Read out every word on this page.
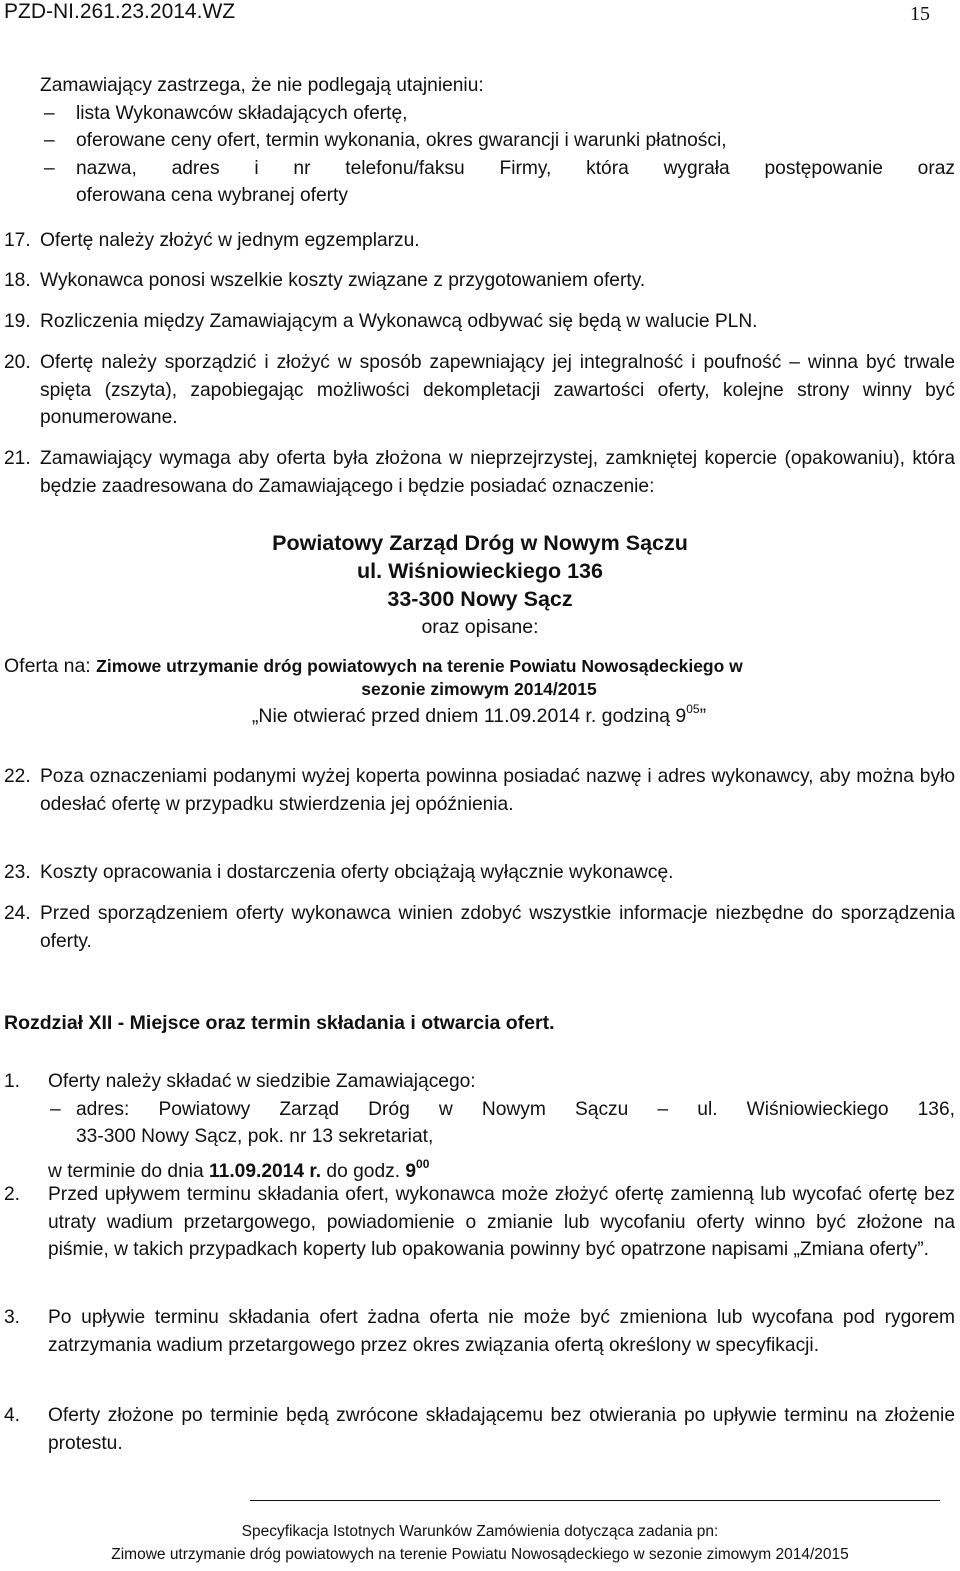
PZD-NI.261.23.2014.WZ	15
Zamawiający zastrzega, że nie podlegają utajnieniu:
– lista Wykonawców składających ofertę,
– oferowane ceny ofert, termin wykonania, okres gwarancji i warunki płatności,
– nazwa, adres i nr telefonu/faksu Firmy, która wygrała postępowanie oraz
oferowana cena wybranej oferty
17. Ofertę należy złożyć w jednym egzemplarzu.
18. Wykonawca ponosi wszelkie koszty związane z przygotowaniem oferty.
19. Rozliczenia między Zamawiającym a Wykonawcą odbywać się będą w walucie PLN.
20. Ofertę należy sporządzić i złożyć w sposób zapewniający jej integralność i poufność – winna być trwale spięta (zszyta), zapobiegając możliwości dekompletacji zawartości oferty, kolejne strony winny być ponumerowane.
21. Zamawiający wymaga aby oferta była złożona w nieprzejrzystej, zamkniętej kopercie (opakowaniu), która będzie zaadresowana do Zamawiającego i będzie posiadać oznaczenie:
Powiatowy Zarząd Dróg w Nowym Sączu
ul. Wiśniowieckiego 136
33-300 Nowy Sącz
oraz opisane:
Oferta na: Zimowe utrzymanie dróg powiatowych na terenie Powiatu Nowosądeckiego w
sezonie zimowym 2014/2015
„Nie otwierać przed dniem 11.09.2014 r. godziną $9^{05}$”
22. Poza oznaczeniami podanymi wyżej koperta powinna posiadać nazwę i adres wykonawcy, aby można było odesłać ofertę w przypadku stwierdzenia jej opóźnienia.
23. Koszty opracowania i dostarczenia oferty obciążają wyłącznie wykonawcę.
24. Przed sporządzeniem oferty wykonawca winien zdobyć wszystkie informacje niezbędne do sporządzenia oferty.
Rozdział XII - Miejsce oraz termin składania i otwarcia ofert.
1. Oferty należy składać w siedzibie Zamawiającego:
– adres: Powiatowy Zarząd Dróg w Nowym Sączu – ul. Wiśniowieckiego 136,
33-300 Nowy Sącz, pok. nr 13 sekretariat,
w terminie do dnia 11.09.2014 r. do godz. $9^{00}$
2. Przed upływem terminu składania ofert, wykonawca może złożyć ofertę zamienną lub wycofać ofertę bez utraty wadium przetargowego, powiadomienie o zmianie lub wycofaniu oferty winno być złożone na piśmie, w takich przypadkach koperty lub opakowania powinny być opatrzone napisami „Zmiana oferty”.
3. Po upływie terminu składania ofert żadna oferta nie może być zmieniona lub wycofana pod rygorem zatrzymania wadium przetargowego przez okres związania ofertą określony w specyfikacji.
4. Oferty złożone po terminie będą zwrócone składającemu bez otwierania po upływie terminu na złożenie protestu.
Specyfikacja Istotnych Warunków Zamówienia dotycząca zadania pn:
Zimowe utrzymanie dróg powiatowych na terenie Powiatu Nowosądeckiego w sezonie zimowym 2014/2015
